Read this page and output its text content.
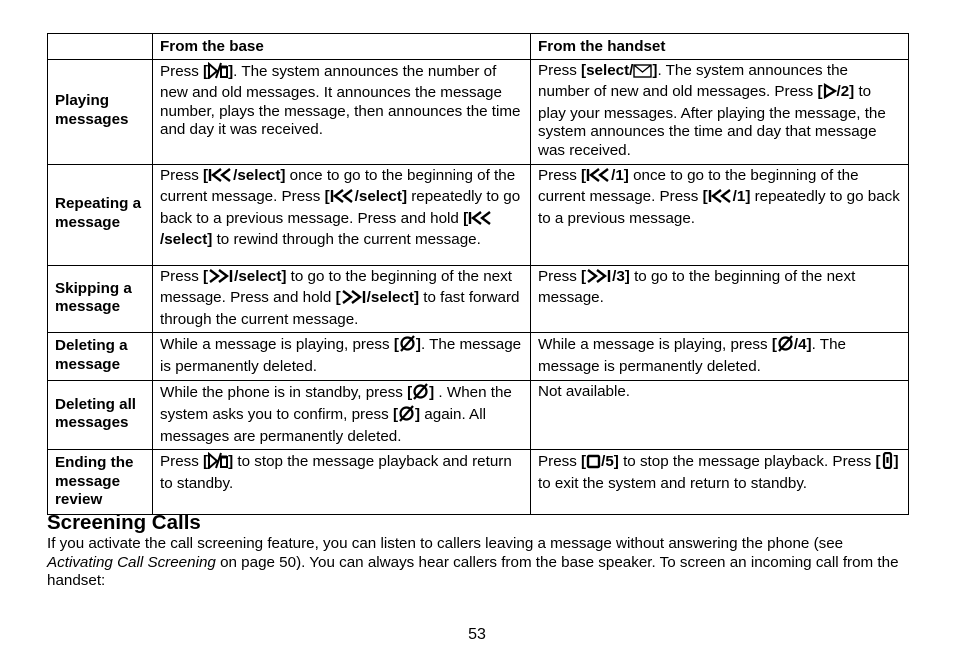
	From the base	From the handset
Playing messages	Press [ ]. The system announces the number of new and old messages. It announces the message number, plays the message, then announces the time and day it was received.	Press [select/ ]. The system announces the number of new and old messages. Press [ /2] to play your messages. After playing the message, the system announces the time and day that message was received.
Repeating a message	Press [ /select] once to go to the beginning of the current message. Press [ /select] repeatedly to go back to a previous message. Press and hold [/select] to rewind through the current message.	Press [ /1] once to go to the beginning of the current message. Press [ /1] repeatedly to go back to a previous message.
Skipping a message	Press [ /select] to go to the beginning of the next message. Press and hold [ /select] to fast forward through the current message.	Press [ /3] to go to the beginning of the next message.
Deleting a message	While a message is playing, press [ ]. The message is permanently deleted.	While a message is playing, press [ /4]. The message is permanently deleted.
Deleting all messages	While the phone is in standby, press [ ] . When the system asks you to confirm, press [ ] again. All messages are permanently deleted.	Not available.
Ending the message review	Press [ ] to stop the message playback and return to standby.	Press [ /5] to stop the message playback. Press [ ] to exit the system and return to standby.
Screening Calls

If you activate the call screening feature, you can listen to callers leaving a message without answering the phone (see Activating Call Screening on page 50). You can always hear callers from the base speaker. To screen an incoming call from the handset:

53
